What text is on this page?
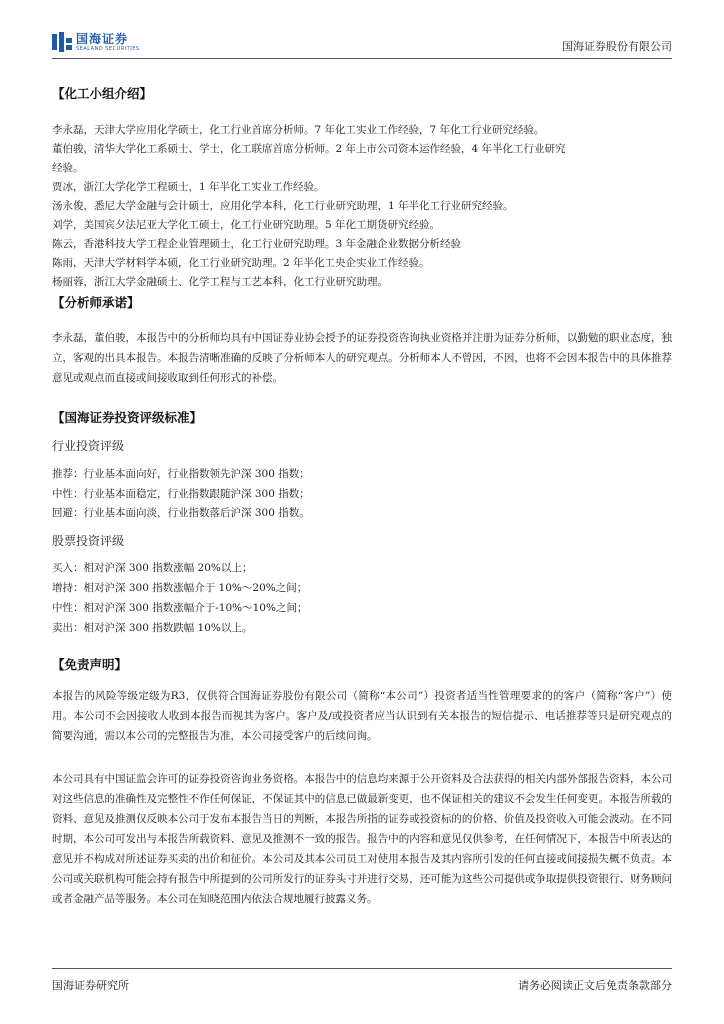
国海证券
SEALAND SECURITIES	国海证券股份有限公司
【化工小组介绍】
李永磊，天津大学应用化学硕士，化工行业首席分析师。7 年化工实业工作经验，7 年化工行业研究经验。
董伯骏，清华大学化工系硕士、学士，化工联席首席分析师。2 年上市公司资本运作经验，4 年半化工行业研究
经验。
贾冰，浙江大学化学工程硕士，1 年半化工实业工作经验。
汤永俊，悉尼大学金融与会计硕士，应用化学本科，化工行业研究助理，1 年半化工行业研究经验。
刘学，美国宾夕法尼亚大学化工硕士，化工行业研究助理。5 年化工期货研究经验。
陈云，香港科技大学工程企业管理硕士，化工行业研究助理。3 年金融企业数据分析经验
陈雨，天津大学材料学本硕，化工行业研究助理。2 年半化工央企实业工作经验。
杨丽蓉，浙江大学金融硕士、化学工程与工艺本科，化工行业研究助理。
【分析师承诺】
李永磊，董伯骏，本报告中的分析师均具有中国证券业协会授予的证券投资咨询执业资格并注册为证券分析师，以勤勉的职业态度，独立，客观的出具本报告。本报告清晰准确的反映了分析师本人的研究观点。分析师本人不曾因，不因，也将不会因本报告中的具体推荐意见或观点而直接或间接收取到任何形式的补偿。
【国海证券投资评级标准】
行业投资评级
推荐：行业基本面向好，行业指数领先沪深 300 指数；
中性：行业基本面稳定，行业指数跟随沪深 300 指数；
回避：行业基本面向淡，行业指数落后沪深 300 指数。
股票投资评级
买入：相对沪深 300 指数涨幅 20%以上；
增持：相对沪深 300 指数涨幅介于 10%～20%之间；
中性：相对沪深 300 指数涨幅介于-10%～10%之间；
卖出：相对沪深 300 指数跌幅 10%以上。
【免责声明】
本报告的风险等级定级为R3，仅供符合国海证券股份有限公司（简称“本公司”）投资者适当性管理要求的的客户（简称“客户”）使用。本公司不会因接收人收到本报告而视其为客户。客户及/或投资者应当认识到有关本报告的短信提示、电话推荐等只是研究观点的简要沟通，需以本公司的完整报告为准，本公司接受客户的后续问询。
本公司具有中国证监会许可的证券投资咨询业务资格。本报告中的信息均来源于公开资料及合法获得的相关内部外部报告资料，本公司对这些信息的准确性及完整性不作任何保证，不保证其中的信息已做最新变更，也不保证相关的建议不会发生任何变更。本报告所载的资料、意见及推测仅反映本公司于发布本报告当日的判断，本报告所指的证券或投资标的的价格、价值及投资收入可能会波动。在不同时期，本公司可发出与本报告所载资料、意见及推测不一致的报告。报告中的内容和意见仅供参考，在任何情况下，本报告中所表达的意见并不构成对所述证券买卖的出价和征价。本公司及其本公司员工对使用本报告及其内容所引发的任何直接或间接损失概不负责。本公司或关联机构可能会持有报告中所提到的公司所发行的证券头寸并进行交易，还可能为这些公司提供或争取提供投资银行、财务顾问或者金融产品等服务。本公司在知晓范围内依法合规地履行披露义务。
国海证券研究所	请务必阅读正文后免责条款部分
